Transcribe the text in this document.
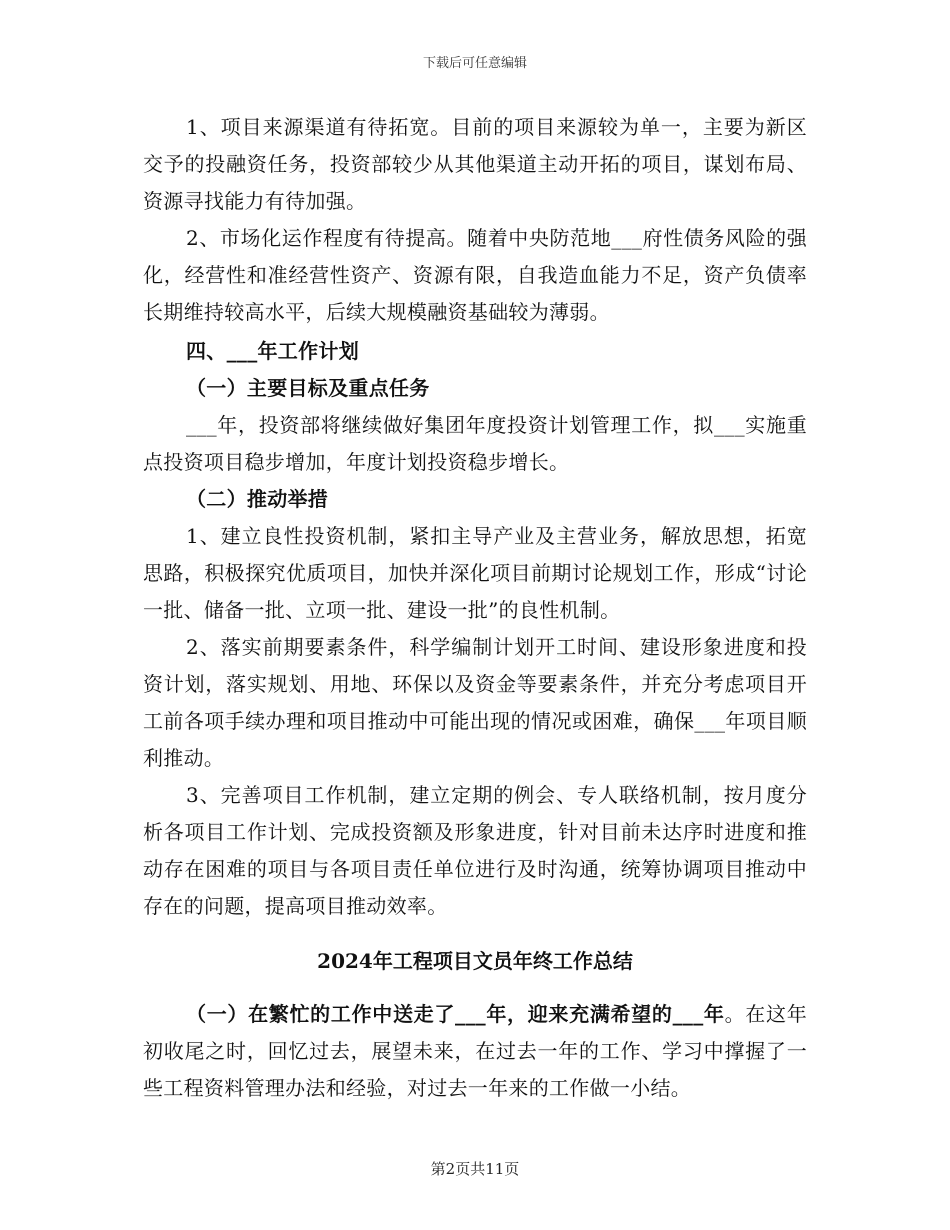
下载后可任意编辑

1、项目来源渠道有待拓宽。目前的项目来源较为单一，主要为新区交予的投融资任务，投资部较少从其他渠道主动开拓的项目，谋划布局、资源寻找能力有待加强。

2、市场化运作程度有待提高。随着中央防范地___府性债务风险的强化，经营性和准经营性资产、资源有限，自我造血能力不足，资产负债率长期维持较高水平，后续大规模融资基础较为薄弱。

四、___年工作计划

（一）主要目标及重点任务

___年，投资部将继续做好集团年度投资计划管理工作，拟___实施重点投资项目稳步增加，年度计划投资稳步增长。

（二）推动举措

1、建立良性投资机制，紧扣主导产业及主营业务，解放思想，拓宽思路，积极探究优质项目，加快并深化项目前期讨论规划工作，形成“讨论一批、储备一批、立项一批、建设一批”的良性机制。

2、落实前期要素条件，科学编制计划开工时间、建设形象进度和投资计划，落实规划、用地、环保以及资金等要素条件，并充分考虑项目开工前各项手续办理和项目推动中可能出现的情况或困难，确保___年项目顺利推动。

3、完善项目工作机制，建立定期的例会、专人联络机制，按月度分析各项目工作计划、完成投资额及形象进度，针对目前未达序时进度和推动存在困难的项目与各项目责任单位进行及时沟通，统筹协调项目推动中存在的问题，提高项目推动效率。

2024年工程项目文员年终工作总结

（一）在繁忙的工作中送走了___年，迎来充满希望的___年。在这年初收尾之时，回忆过去，展望未来，在过去一年的工作、学习中撑握了一些工程资料管理办法和经验，对过去一年来的工作做一小结。

第2页共11页
